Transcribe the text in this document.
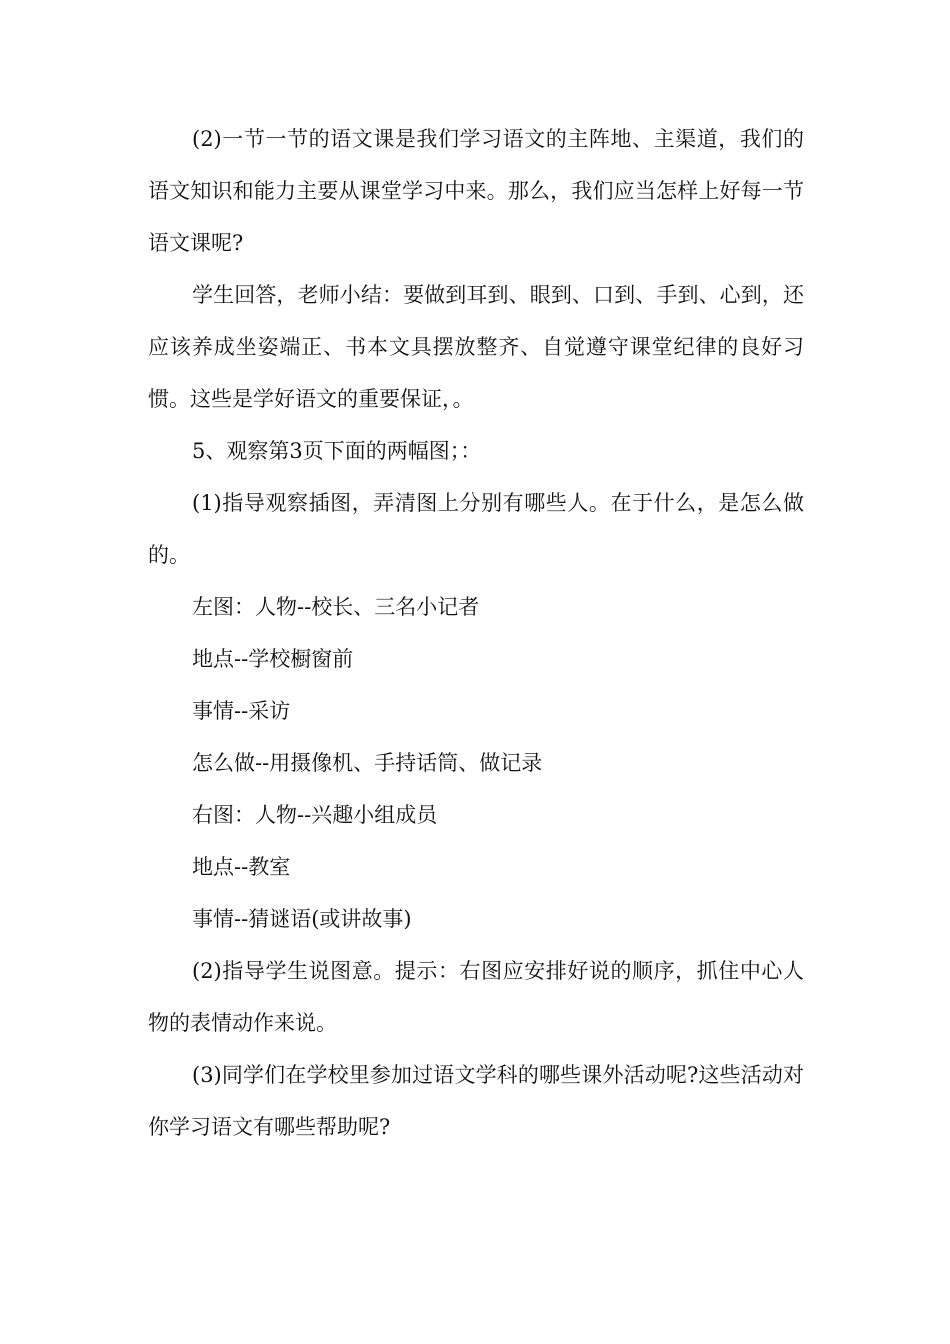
(2)一节一节的语文课是我们学习语文的主阵地、主渠道，我们的语文知识和能力主要从课堂学习中来。那么，我们应当怎样上好每一节语文课呢?

学生回答，老师小结：要做到耳到、眼到、口到、手到、心到，还应该养成坐姿端正、书本文具摆放整齐、自觉遵守课堂纪律的良好习惯。这些是学好语文的重要保证，。

5、观察第3页下面的两幅图；：

(1)指导观察插图，弄清图上分别有哪些人。在于什么，是怎么做的。

左图：人物--校长、三名小记者

地点--学校橱窗前

事情--采访

怎么做--用摄像机、手持话筒、做记录

右图：人物--兴趣小组成员

地点--教室

事情--猜谜语(或讲故事)

(2)指导学生说图意。提示：右图应安排好说的顺序，抓住中心人物的表情动作来说。

(3)同学们在学校里参加过语文学科的哪些课外活动呢?这些活动对你学习语文有哪些帮助呢?
